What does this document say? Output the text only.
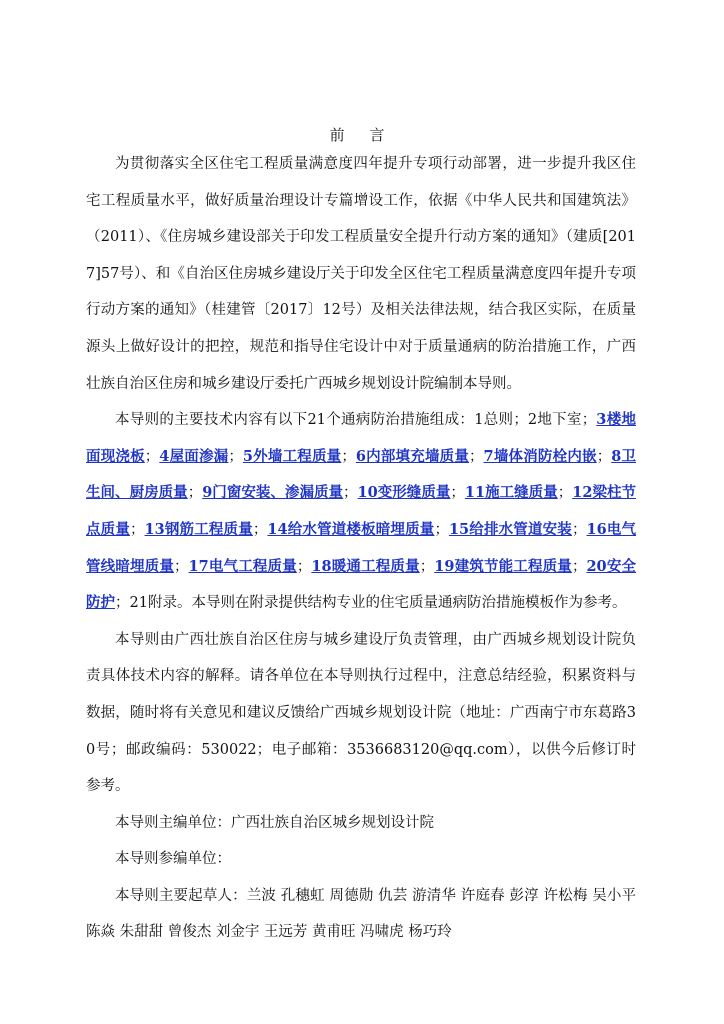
前 言

为贯彻落实全区住宅工程质量满意度四年提升专项行动部署，进一步提升我区住宅工程质量水平，做好质量治理设计专篇增设工作，依据《中华人民共和国建筑法》（2011）、《住房城乡建设部关于印发工程质量安全提升行动方案的通知》（建质[2017]57号）、和《自治区住房城乡建设厅关于印发全区住宅工程质量满意度四年提升专项行动方案的通知》（桂建管〔2017〕12号）及相关法律法规，结合我区实际，在质量源头上做好设计的把控，规范和指导住宅设计中对于质量通病的防治措施工作，广西壮族自治区住房和城乡建设厅委托广西城乡规划设计院编制本导则。

本导则的主要技术内容有以下21个通病防治措施组成：1总则；2地下室；3楼地面现浇板；4屋面渗漏；5外墙工程质量；6内部填充墙质量；7墙体消防栓内嵌；8卫生间、厨房质量；9门窗安装、渗漏质量；10变形缝质量；11施工缝质量；12梁柱节点质量；13钢筋工程质量；14给水管道楼板暗埋质量；15给排水管道安装；16电气管线暗埋质量；17电气工程质量；18暖通工程质量；19建筑节能工程质量；20安全防护；21附录。本导则在附录提供结构专业的住宅质量通病防治措施模板作为参考。

本导则由广西壮族自治区住房与城乡建设厅负责管理，由广西城乡规划设计院负责具体技术内容的解释。请各单位在本导则执行过程中，注意总结经验，积累资料与数据，随时将有关意见和建议反馈给广西城乡规划设计院（地址：广西南宁市东葛路30号；邮政编码：530022；电子邮箱：3536683120@qq.com），以供今后修订时参考。

本导则主编单位：广西壮族自治区城乡规划设计院

本导则参编单位：

本导则主要起草人：兰波 孔穗虹 周德勋 仇芸 游清华 许庭春 彭淳 许松梅 吴小平 陈焱 朱甜甜 曾俊杰 刘金宇 王远芳 黄甫旺 冯啸虎 杨巧玲
